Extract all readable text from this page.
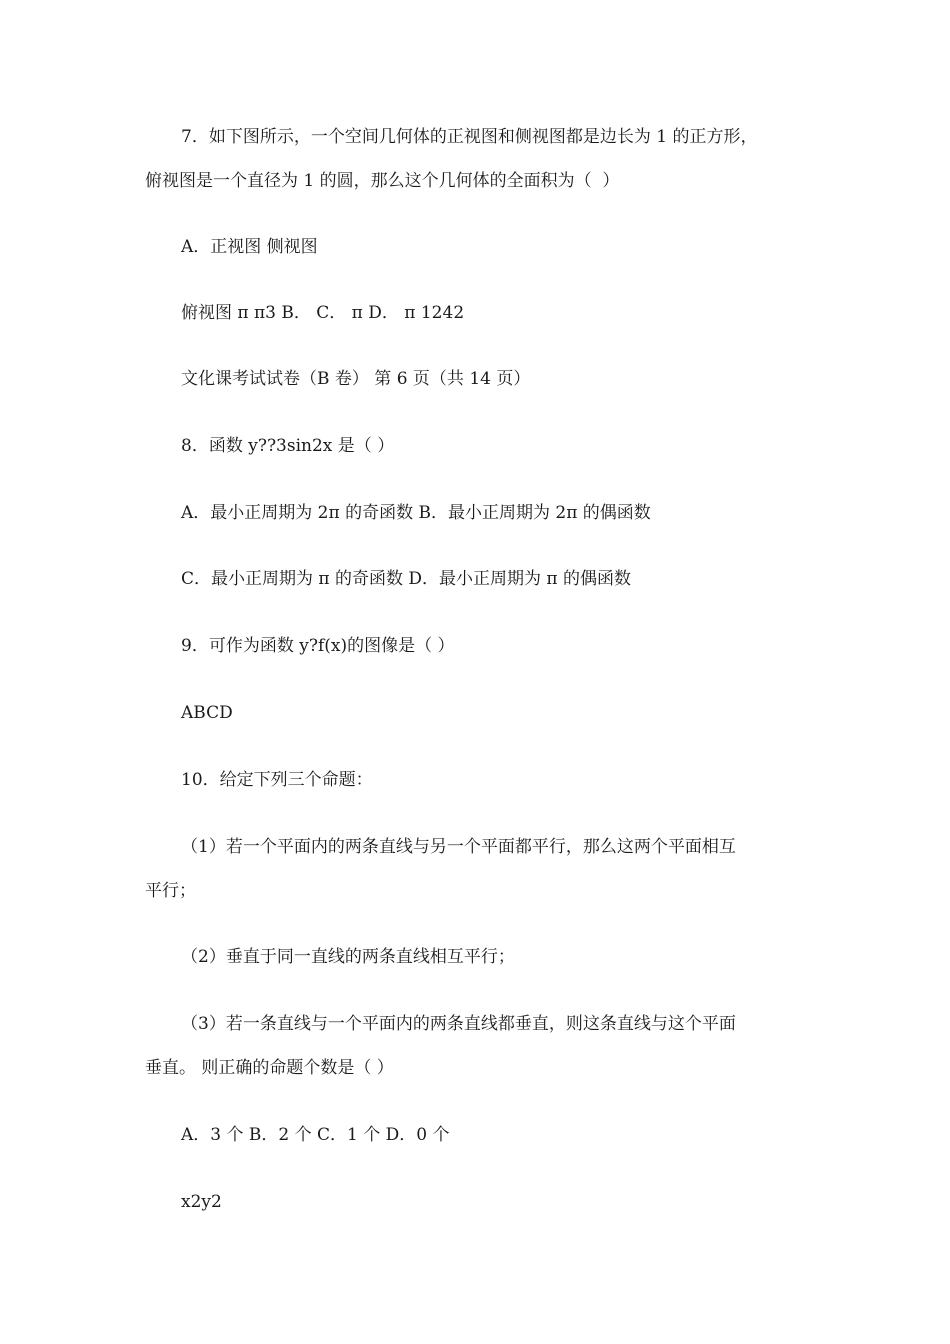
7．如下图所示，一个空间几何体的正视图和侧视图都是边长为 1 的正方形，
俯视图是一个直径为 1 的圆，那么这个几何体的全面积为（  ）
A．正视图 侧视图
俯视图 π π3 B． C． π D． π 1242
文化课考试试卷（B 卷） 第 6 页（共 14 页）
8．函数 y??3sin2x 是（ ）
A．最小正周期为 2π 的奇函数 B．最小正周期为 2π 的偶函数
C．最小正周期为 π 的奇函数 D．最小正周期为 π 的偶函数
9．可作为函数 y?f(x)的图像是（ ）
ABCD
10．给定下列三个命题：
（1）若一个平面内的两条直线与另一个平面都平行，那么这两个平面相互
平行；
（2）垂直于同一直线的两条直线相互平行；
（3）若一条直线与一个平面内的两条直线都垂直，则这条直线与这个平面
垂直。 则正确的命题个数是（ ）
A．3 个 B．2 个 C．1 个 D．0 个
x2y2
